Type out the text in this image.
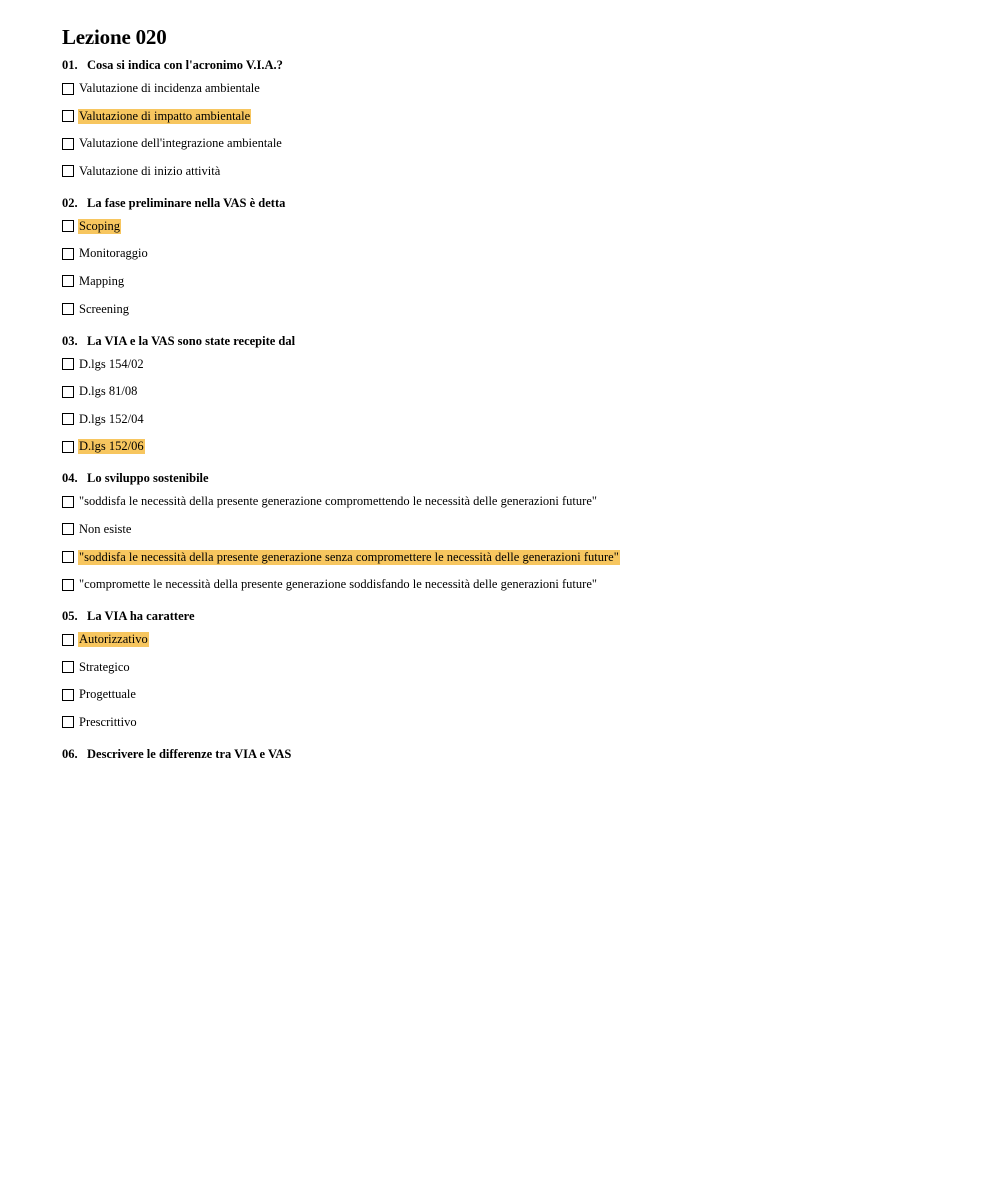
Lezione 020
01. Cosa si indica con l'acronimo V.I.A.?
Valutazione di incidenza ambientale
Valutazione di impatto ambientale
Valutazione dell'integrazione ambientale
Valutazione di inizio attività
02. La fase preliminare nella VAS è detta
Scoping
Monitoraggio
Mapping
Screening
03. La VIA e la VAS sono state recepite dal
D.lgs 154/02
D.lgs 81/08
D.lgs 152/04
D.lgs 152/06
04. Lo sviluppo sostenibile
"soddisfa le necessità della presente generazione compromettendo le necessità delle generazioni future"
Non esiste
"soddisfa le necessità della presente generazione senza compromettere le necessità delle generazioni future"
"compromette le necessità della presente generazione soddisfando le necessità delle generazioni future"
05. La VIA ha carattere
Autorizzativo
Strategico
Progettuale
Prescrittivo
06. Descrivere le differenze tra VIA e VAS
